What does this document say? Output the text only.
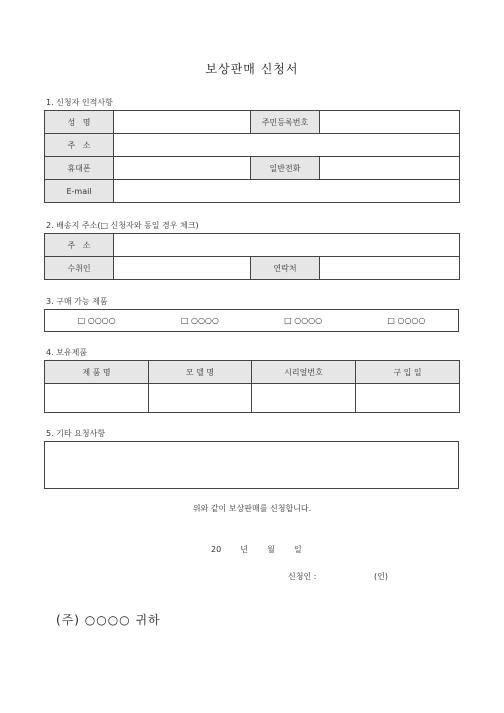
보상판매 신청서
1. 신청자 인적사항
성   명		주민등록번호	
주   소			
휴대폰		일반전화	
E-mail			
2. 배송지 주소(□ 신청자와 동일 경우 체크)
주   소			
수취인		연락처	
3. 구매 가능 제품
□ ○○○○	□ ○○○○	□ ○○○○	□ ○○○○
4. 보유제품
제 품 명	모 델 명	시리얼번호	구 입 일

5. 기타 요청사항
위와 같이 보상판매를 신청합니다.
20 년 월 일
신청인 :	(인)
(주) ○○○○ 귀하
